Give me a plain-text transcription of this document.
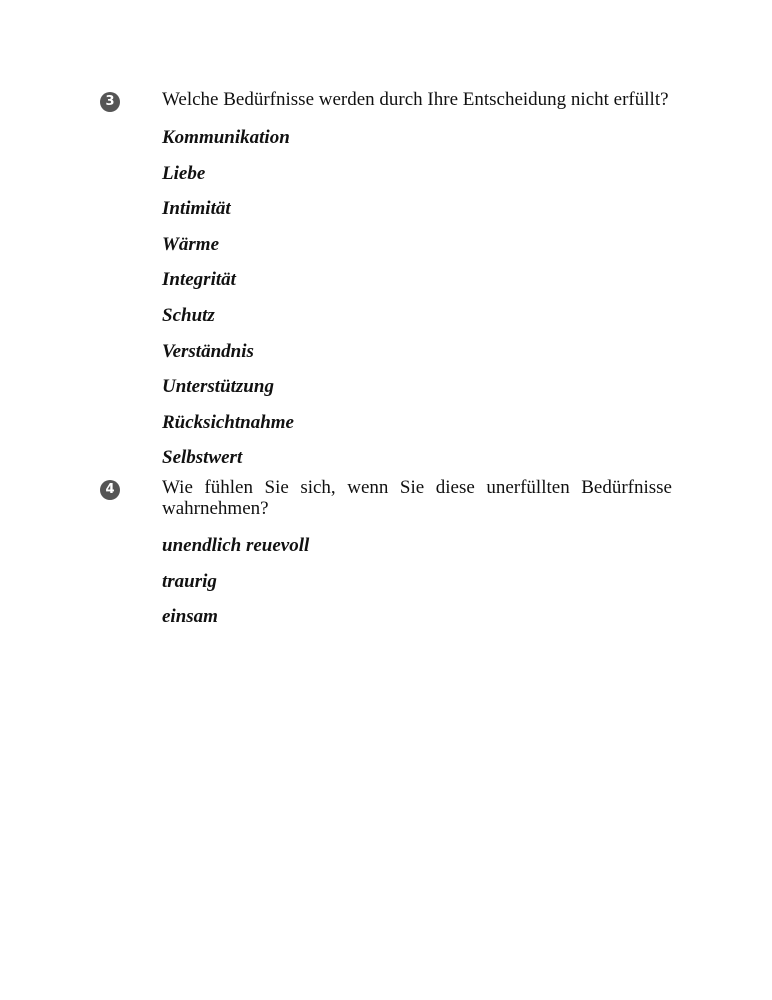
3 Welche Bedürfnisse werden durch Ihre Entscheidung nicht erfüllt?
Kommunikation
Liebe
Intimität
Wärme
Integrität
Schutz
Verständnis
Unterstützung
Rücksichtnahme
Selbstwert
4 Wie fühlen Sie sich, wenn Sie diese unerfüllten Bedürfnisse wahrnehmen?
unendlich reuevoll
traurig
einsam
